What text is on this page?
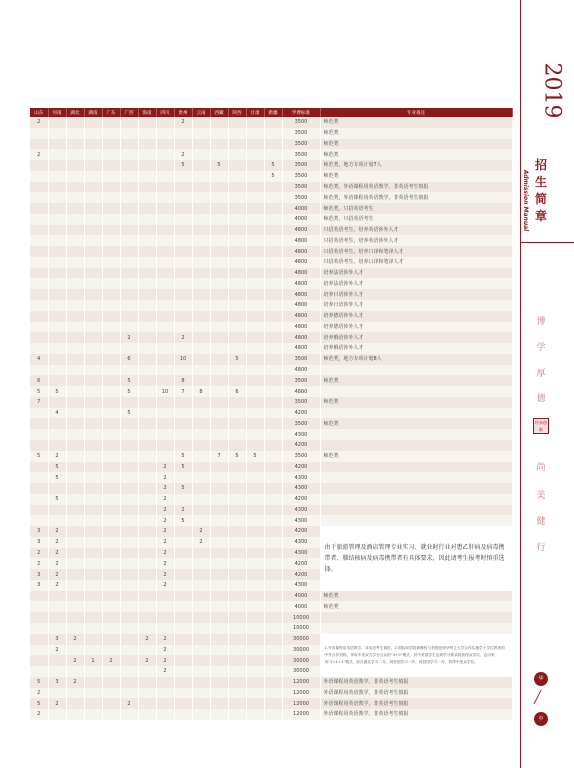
山东	河南	湖北	湖南	广东	广西	海南	四川	贵州	云南	西藏	陕西	甘肃	新疆	学费标准	专业备注
2								2						3500	师范类
														3500	师范类
														3500	师范类
2								2						3500	师范类
								5		5			5	3500	师范类，地方专项计划7人
													5	3500	师范类
														3500	师范类，外语课程用英语教学，非英语考生慎报
														3500	师范类，外语课程用英语教学，非英语考生慎报
														4000	师范类，只招英语考生
														4000	师范类，只招英语考生
														4800	只招英语考生，培养英语涉外人才
														4800	只招英语考生，培养英语涉外人才
														4800	只招英语考生，培养口译和笔译人才
														4800	只招英语考生，培养口译和笔译人才
														4800	培养法语涉外人才
														4800	培养法语涉外人才
														4800	培养日语涉外人才
														4800	培养日语涉外人才
														4800	培养德语涉外人才
														4800	培养德语涉外人才
					2			2						4800	培养俄语涉外人才
														4800	培养俄语涉外人才
4					6			10			5			3500	师范类，地方专项计划8人
														4800	
6					5			8						3500	师范类
5	5				5		10	7	8		6			4800	
7														3500	师范类
	4				5									4200	
														3500	师范类
														4300	
														4200	
5	2							5		7	5	5		3500	师范类
	5						2	5						4200	
	5						2							4300	
							2	5						4300	
	5						2							4200	
							2	2						4300	
							2	5						4300	
3	2						2		2					4200	由于旅游管理及酒店管理专业实习、就业时行业对患乙肝病及病毒携带者、肺结核病及病毒携带者有具体要求，因此请考生报考时慎重选择。
3	2						2		2					4300	
2	2						2							4300	
2	2						2							4200	
3	2						2							4200	
3	2						2							4300	
														4000	师范类
														4000	师范类
														10000	
														10000	
	3	2				2	2							30000	1.外语课程用英语教学，非英语考生慎报。2.国际商学院最晚校与美国爱荷华州立大学合作实施学士学位教育的中外合作机构，采取中美双方学分互认的“4+0”模式，其中美国学生达到学分要求将获得双学位，也可采用“2+1+1”模式，前在湖北学习二年，到美国学习一年，再回国学习一年，获得中美双学位。
	2						2							30000	
		2	1	2		2	2							30000	
							2							30000	
5	3	2												12000	外语课程用英语教学，非英语考生慎报
2														12000	外语课程用英语教学，非英语考生慎报
5	2				2									12000	外语课程用英语教学，非英语考生慎报
2														12000	外语课程用英语教学，非英语考生慎报
2019
Admission Manual
招
生
简
章
博
学
厚
德
传承创新
尚
美
健
行
华
╱
中
